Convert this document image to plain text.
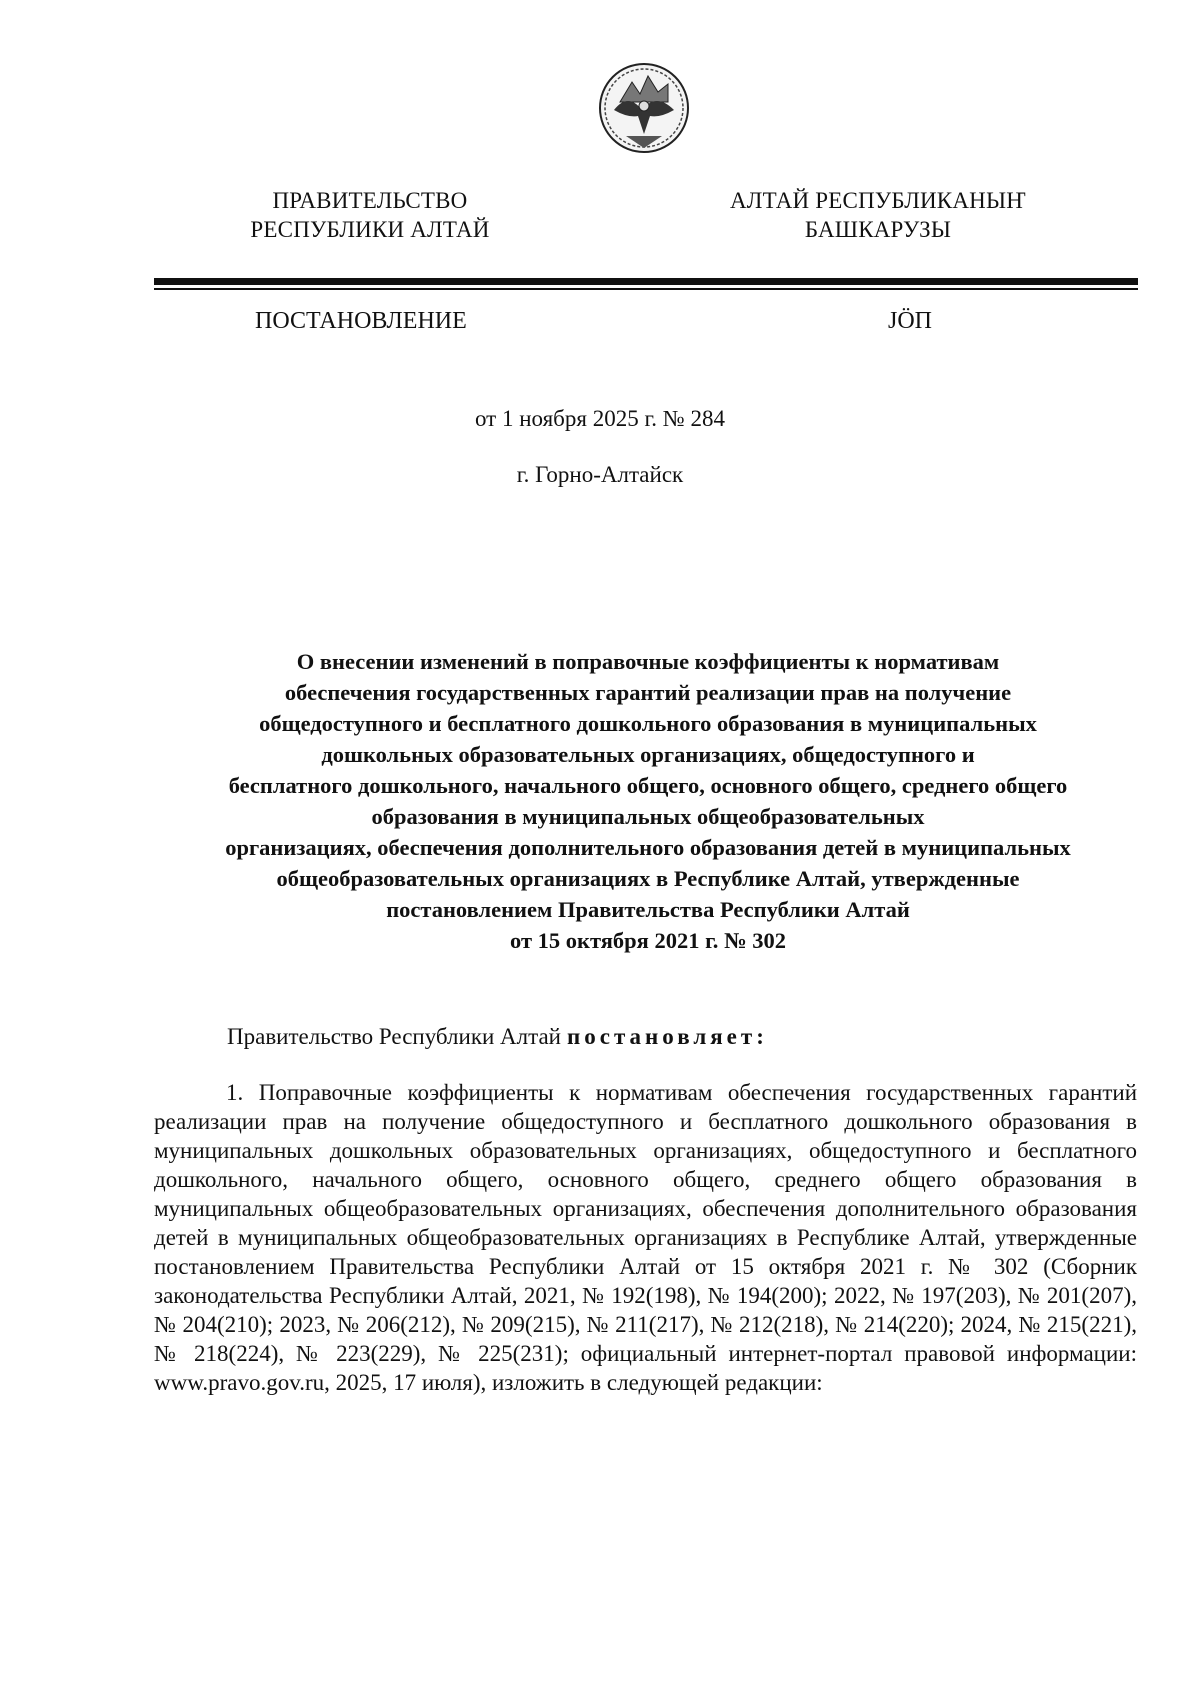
ПРАВИТЕЛЬСТВО
РЕСПУБЛИКИ АЛТАЙ
АЛТАЙ РЕСПУБЛИКАНЫҤ
БАШКАРУЗЫ
ПОСТАНОВЛЕНИЕ	JӦП
от 1 ноября 2025 г. № 284
г. Горно-Алтайск
О внесении изменений в поправочные коэффициенты к нормативам
обеспечения государственных гарантий реализации прав на получение
общедоступного и бесплатного дошкольного образования в муниципальных
дошкольных образовательных организациях, общедоступного и
бесплатного дошкольного, начального общего, основного общего, среднего общего
образования в муниципальных общеобразовательных
организациях, обеспечения дополнительного образования детей в муниципальных
общеобразовательных организациях в Республике Алтай, утвержденные
постановлением Правительства Республики Алтай
от 15 октября 2021 г. № 302
Правительство Республики Алтай постановляет:

1. Поправочные коэффициенты к нормативам обеспечения государственных гарантий реализации прав на получение общедоступного и бесплатного дошкольного образования в муниципальных дошкольных образовательных организациях, общедоступного и бесплатного дошкольного, начального общего, основного общего, среднего общего образования в муниципальных общеобразовательных организациях, обеспечения дополнительного образования детей в муниципальных общеобразовательных организациях в Республике Алтай, утвержденные постановлением Правительства Республики Алтай от 15 октября 2021 г. № 302 (Сборник законодательства Республики Алтай, 2021, № 192(198), № 194(200); 2022, № 197(203), № 201(207), № 204(210); 2023, № 206(212), № 209(215), № 211(217), № 212(218), № 214(220); 2024, № 215(221), № 218(224), № 223(229), № 225(231); официальный интернет-портал правовой информации: www.pravo.gov.ru, 2025, 17 июля), изложить в следующей редакции:
